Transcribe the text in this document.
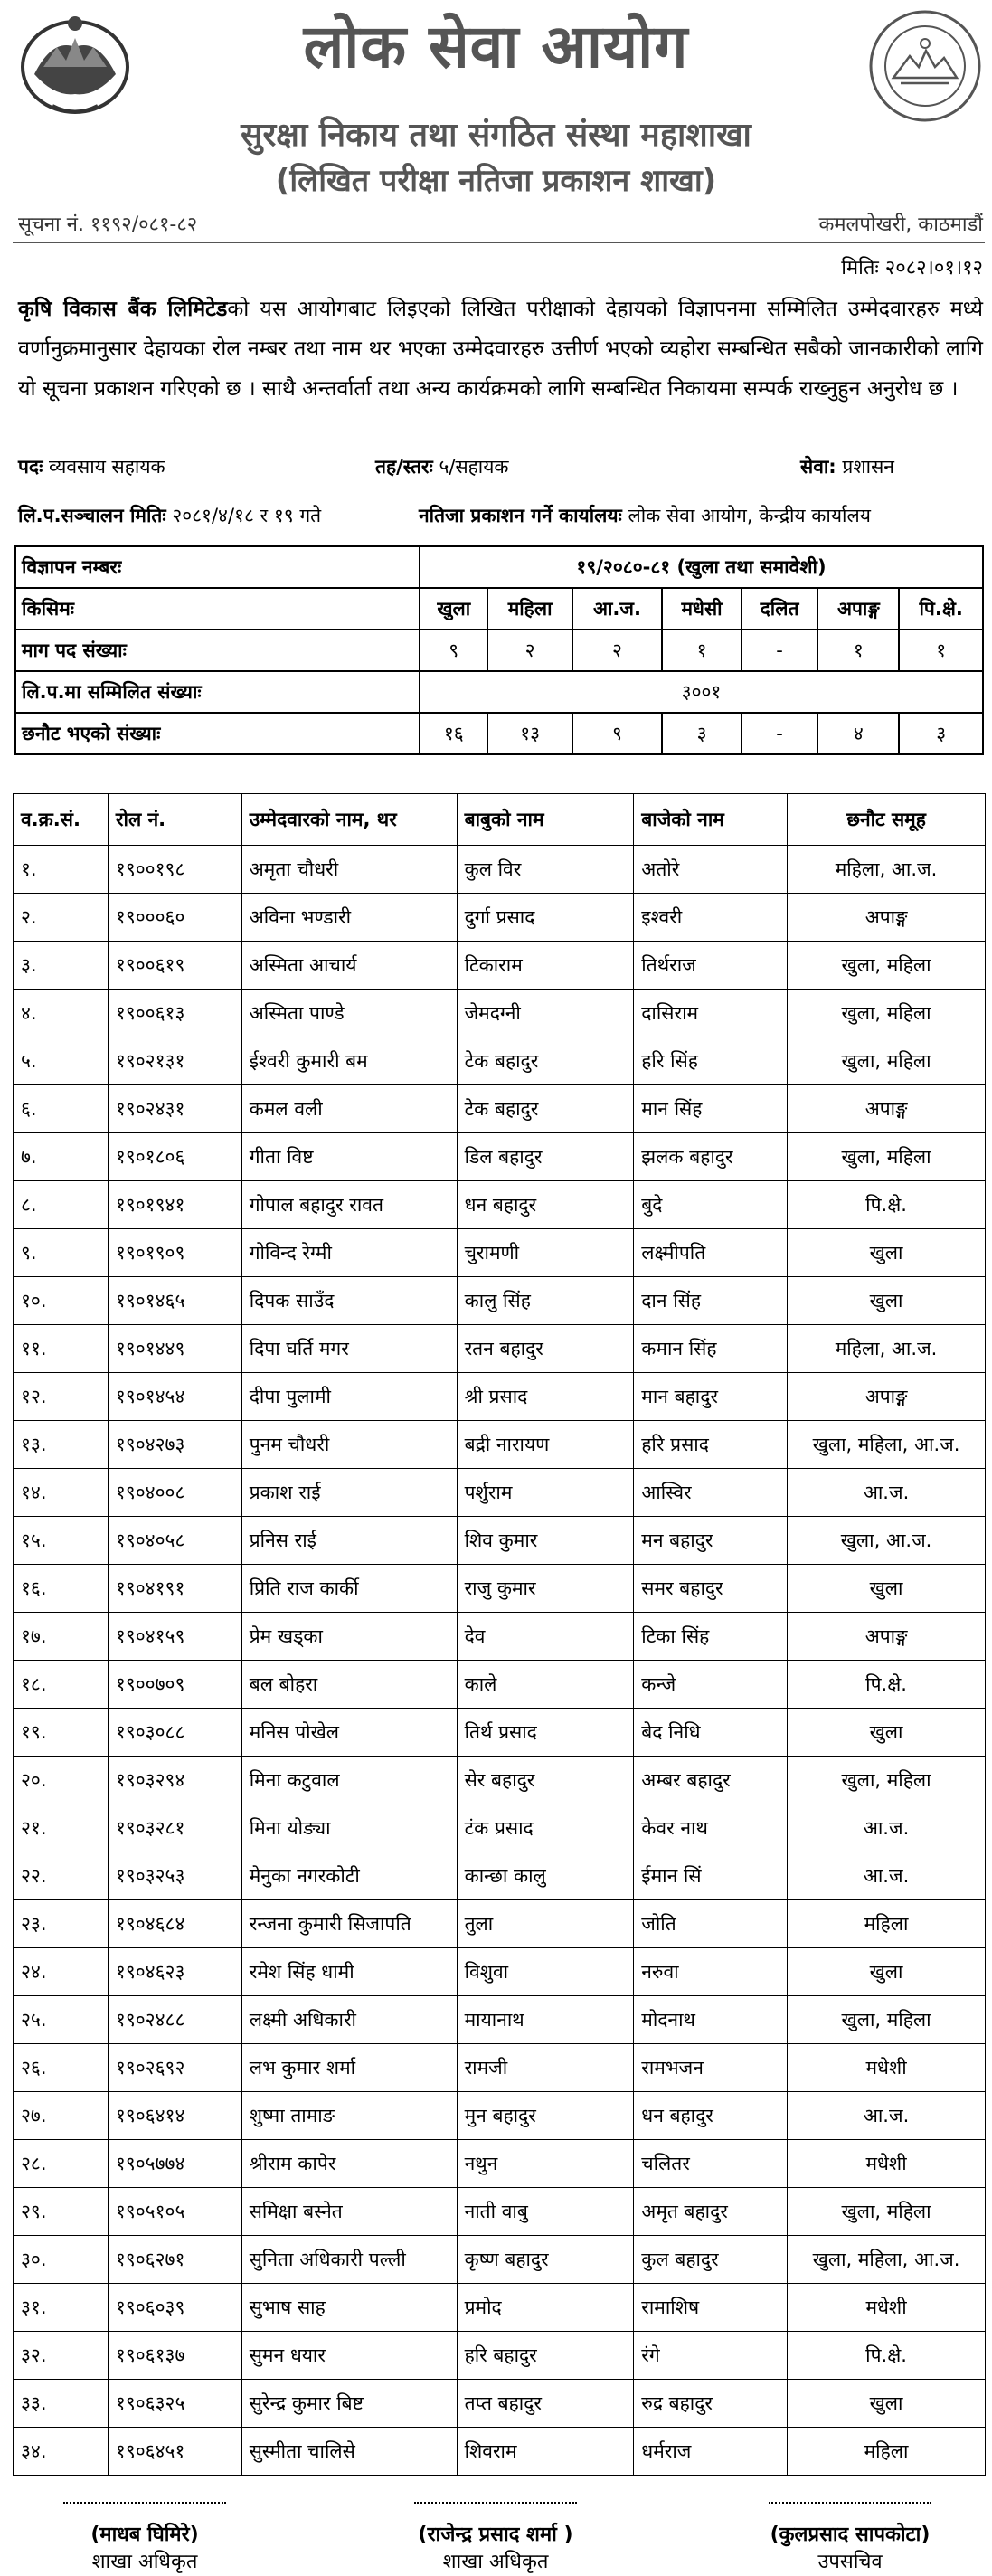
लोक सेवा आयोग
सुरक्षा निकाय तथा संगठित संस्था महाशाखा
(लिखित परीक्षा नतिजा प्रकाशन शाखा)
सूचना नं. ११९२/०८१-८२	कमलपोखरी, काठमाडौं
मितिः २०८२।०१।१२
कृषि विकास बैंक लिमिटेडको यस आयोगबाट लिइएको लिखित परीक्षाको देहायको विज्ञापनमा सम्मिलित उम्मेदवारहरु मध्ये वर्णानुक्रमानुसार देहायका रोल नम्बर तथा नाम थर भएका उम्मेदवारहरु उत्तीर्ण भएको व्यहोरा सम्बन्धित सबैको जानकारीको लागि यो सूचना प्रकाशन गरिएको छ । साथै अन्तर्वार्ता तथा अन्य कार्यक्रमको लागि सम्बन्धित निकायमा सम्पर्क राख्नुहुन अनुरोध छ ।
पदः व्यवसाय सहायक	तह/स्तरः ५/सहायक	सेवा: प्रशासन
लि.प.सञ्चालन मितिः २०८१/४/१८ र १९ गते	नतिजा प्रकाशन गर्ने कार्यालयः लोक सेवा आयोग, केन्द्रीय कार्यालय
विज्ञापन नम्बरः	१९/२०८०-८१ (खुला तथा समावेशी)						
किसिमः	खुला	महिला	आ.ज.	मधेसी	दलित	अपाङ्ग	पि.क्षे.
माग पद संख्याः	९	२	२	१	-	१	१
लि.प.मा सम्मिलित संख्याः	३००१						
छनौट भएको संख्याः	१६	१३	९	३	-	४	३
व.क्र.सं.	रोल नं.	उम्मेदवारको नाम, थर	बाबुको नाम	बाजेको नाम	छनौट समूह
१.	१९००१९८	अमृता चौधरी	कुल विर	अतोरे	महिला, आ.ज.
२.	१९०००६०	अविना भण्डारी	दुर्गा प्रसाद	इश्वरी	अपाङ्ग
३.	१९००६१९	अस्मिता आचार्य	टिकाराम	तिर्थराज	खुला, महिला
४.	१९००६१३	अस्मिता पाण्डे	जेमदग्नी	दासिराम	खुला, महिला
५.	१९०२१३१	ईश्वरी कुमारी बम	टेक बहादुर	हरि सिंह	खुला, महिला
६.	१९०२४३१	कमल वली	टेक बहादुर	मान सिंह	अपाङ्ग
७.	१९०१८०६	गीता विष्ट	डिल बहादुर	झलक बहादुर	खुला, महिला
८.	१९०१९४१	गोपाल बहादुर रावत	धन बहादुर	बुदे	पि.क्षे.
९.	१९०१९०९	गोविन्द रेग्मी	चुरामणी	लक्ष्मीपति	खुला
१०.	१९०१४६५	दिपक साउँद	कालु सिंह	दान सिंह	खुला
११.	१९०१४४९	दिपा घर्ति मगर	रतन बहादुर	कमान सिंह	महिला, आ.ज.
१२.	१९०१४५४	दीपा पुलामी	श्री प्रसाद	मान बहादुर	अपाङ्ग
१३.	१९०४२७३	पुनम चौधरी	बद्री नारायण	हरि प्रसाद	खुला, महिला, आ.ज.
१४.	१९०४००८	प्रकाश राई	पर्शुराम	आस्विर	आ.ज.
१५.	१९०४०५८	प्रनिस राई	शिव कुमार	मन बहादुर	खुला, आ.ज.
१६.	१९०४१९१	प्रिति राज कार्की	राजु कुमार	समर बहादुर	खुला
१७.	१९०४१५९	प्रेम खड्का	देव	टिका सिंह	अपाङ्ग
१८.	१९००७०९	बल बोहरा	काले	कन्जे	पि.क्षे.
१९.	१९०३०८८	मनिस पोखेल	तिर्थ प्रसाद	बेद निधि	खुला
२०.	१९०३२९४	मिना कटुवाल	सेर बहादुर	अम्बर बहादुर	खुला, महिला
२१.	१९०३२८१	मिना योङ्या	टंक प्रसाद	केवर नाथ	आ.ज.
२२.	१९०३२५३	मेनुका नगरकोटी	कान्छा कालु	ईमान सिं	आ.ज.
२३.	१९०४६८४	रन्जना कुमारी सिजापति	तुला	जोति	महिला
२४.	१९०४६२३	रमेश सिंह धामी	विशुवा	नरुवा	खुला
२५.	१९०२४८८	लक्ष्मी अधिकारी	मायानाथ	मोदनाथ	खुला, महिला
२६.	१९०२६९२	लभ कुमार शर्मा	रामजी	रामभजन	मधेशी
२७.	१९०६४१४	शुष्मा तामाङ	मुन बहादुर	धन बहादुर	आ.ज.
२८.	१९०५७७४	श्रीराम कापेर	नथुन	चलितर	मधेशी
२९.	१९०५१०५	समिक्षा बस्नेत	नाती वाबु	अमृत बहादुर	खुला, महिला
३०.	१९०६२७१	सुनिता अधिकारी पल्ली	कृष्ण बहादुर	कुल बहादुर	खुला, महिला, आ.ज.
३१.	१९०६०३९	सुभाष साह	प्रमोद	रामाशिष	मधेशी
३२.	१९०६१३७	सुमन धयार	हरि बहादुर	रंगे	पि.क्षे.
३३.	१९०६३२५	सुरेन्द्र कुमार बिष्ट	तप्त बहादुर	रुद्र बहादुर	खुला
३४.	१९०६४५१	सुस्मीता चालिसे	शिवराम	धर्मराज	महिला
(माधब घिमिरे)
शाखा अधिकृत
(राजेन्द्र प्रसाद शर्मा )
शाखा अधिकृत
(कुलप्रसाद सापकोटा)
उपसचिव
